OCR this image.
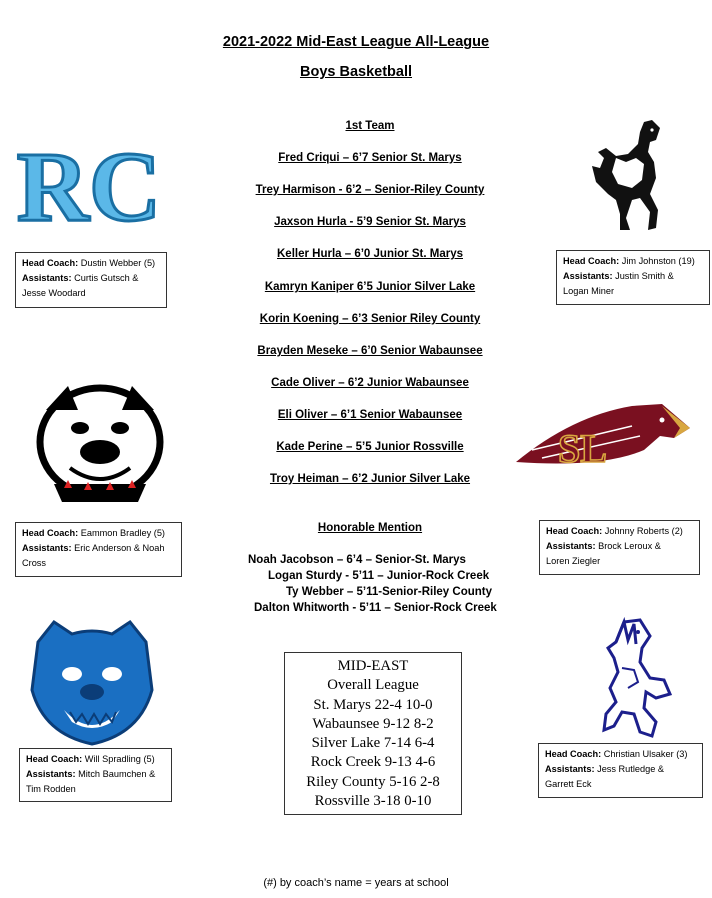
2021-2022 Mid-East League All-League
Boys Basketball
1st Team
Fred Criqui – 6’7 Senior St. Marys
Trey Harmison - 6’2 – Senior-Riley County
Jaxson Hurla - 5’9 Senior St. Marys
Keller Hurla – 6’0 Junior St. Marys
Kamryn Kaniper 6’5 Junior Silver Lake
Korin Koening – 6’3 Senior Riley County
Brayden Meseke – 6’0 Senior Wabaunsee
Cade Oliver – 6’2 Junior Wabaunsee
Eli Oliver – 6’1 Senior Wabaunsee
Kade Perine – 5’5 Junior Rossville
Troy Heiman – 6’2 Junior Silver Lake
Honorable Mention
Noah Jacobson – 6’4 – Senior-St. Marys
Logan Sturdy - 5’11 – Junior-Rock Creek
Ty Webber – 5’11-Senior-Riley County
Dalton Whitworth - 5’11 – Senior-Rock Creek
RC
SL
Head Coach: Dustin Webber (5)
Assistants: Curtis Gutsch &
Jesse Woodard
Head Coach: Jim Johnston (19)
Assistants: Justin Smith &
Logan Miner
Head Coach: Eammon Bradley (5)
Assistants: Eric Anderson & Noah
Cross
Head Coach: Johnny Roberts (2)
Assistants: Brock Leroux &
Loren Ziegler
Head Coach: Will Spradling (5)
Assistants: Mitch Baumchen &
Tim Rodden
Head Coach: Christian Ulsaker (3)
Assistants: Jess Rutledge &
Garrett Eck
MID-EAST
Overall League
St. Marys 22-4 10-0
Wabaunsee 9-12 8-2
Silver Lake 7-14 6-4
Rock Creek 9-13 4-6
Riley County 5-16 2-8
Rossville 3-18 0-10
(#) by coach’s name = years at school
